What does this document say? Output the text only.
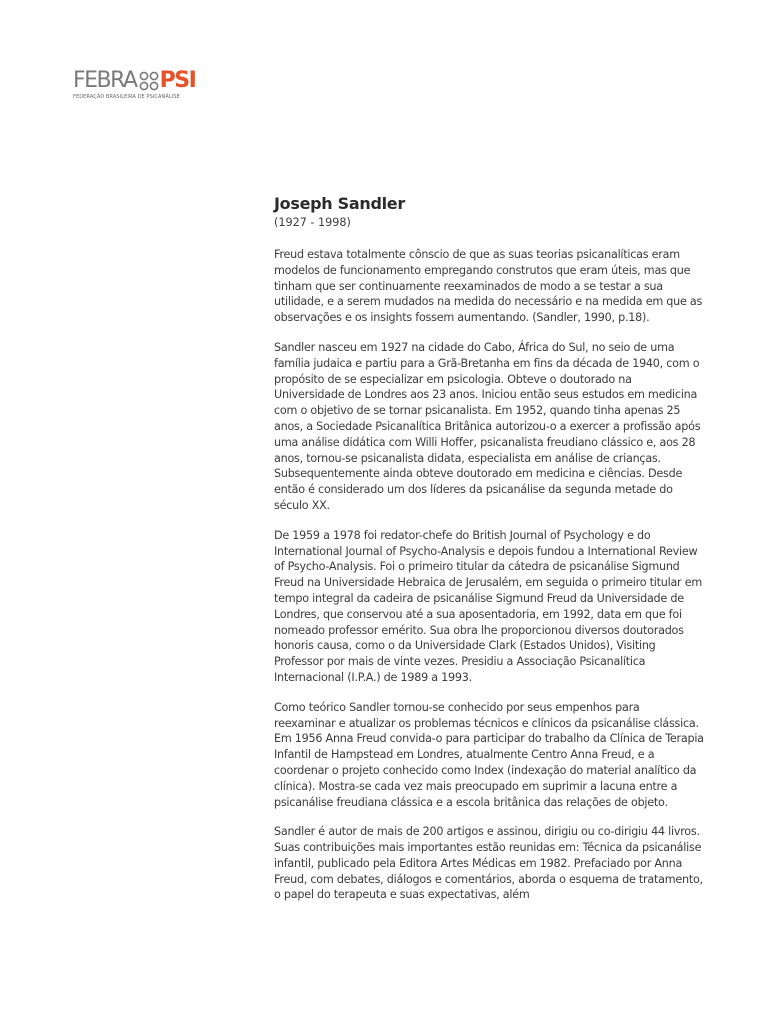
FEBRA PSI
FEDERAÇÃO BRASILEIRA DE PSICANÁLISE
Joseph Sandler
(1927 - 1998)

Freud estava totalmente cônscio de que as suas teorias psicanalíticas eram modelos de funcionamento empregando construtos que eram úteis, mas que tinham que ser continuamente reexaminados de modo a se testar a sua utilidade, e a serem mudados na medida do necessário e na medida em que as observações e os insights fossem aumentando. (Sandler, 1990, p.18).

Sandler nasceu em 1927 na cidade do Cabo, África do Sul, no seio de uma família judaica e partiu para a Grã-Bretanha em fins da década de 1940, com o propósito de se especializar em psicologia. Obteve o doutorado na Universidade de Londres aos 23 anos. Iniciou então seus estudos em medicina com o objetivo de se tornar psicanalista. Em 1952, quando tinha apenas 25 anos, a Sociedade Psicanalítica Britânica autorizou-o a exercer a profissão após uma análise didática com Willi Hoffer, psicanalista freudiano clássico e, aos 28 anos, tornou-se psicanalista didata, especialista em análise de crianças. Subsequentemente ainda obteve doutorado em medicina e ciências. Desde então é considerado um dos líderes da psicanálise da segunda metade do século XX.

De 1959 a 1978 foi redator-chefe do British Journal of Psychology e do International Journal of Psycho-Analysis e depois fundou a International Review of Psycho-Analysis. Foi o primeiro titular da cátedra de psicanálise Sigmund Freud na Universidade Hebraica de Jerusalém, em seguida o primeiro titular em tempo integral da cadeira de psicanálise Sigmund Freud da Universidade de Londres, que conservou até a sua aposentadoria, em 1992, data em que foi nomeado professor emérito. Sua obra lhe proporcionou diversos doutorados honoris causa, como o da Universidade Clark (Estados Unidos), Visiting Professor por mais de vinte vezes. Presidiu a Associação Psicanalítica Internacional (I.P.A.) de 1989 a 1993.

Como teórico Sandler tornou-se conhecido por seus empenhos para reexaminar e atualizar os problemas técnicos e clínicos da psicanálise clássica. Em 1956 Anna Freud convida-o para participar do trabalho da Clínica de Terapia Infantil de Hampstead em Londres, atualmente Centro Anna Freud, e a coordenar o projeto conhecido como Index (indexação do material analítico da clínica). Mostra-se cada vez mais preocupado em suprimir a lacuna entre a psicanálise freudiana clássica e a escola britânica das relações de objeto.

Sandler é autor de mais de 200 artigos e assinou, dirigiu ou co-dirigiu 44 livros. Suas contribuições mais importantes estão reunidas em: Técnica da psicanálise infantil, publicado pela Editora Artes Médicas em 1982. Prefaciado por Anna Freud, com debates, diálogos e comentários, aborda o esquema de tratamento, o papel do terapeuta e suas expectativas, além
